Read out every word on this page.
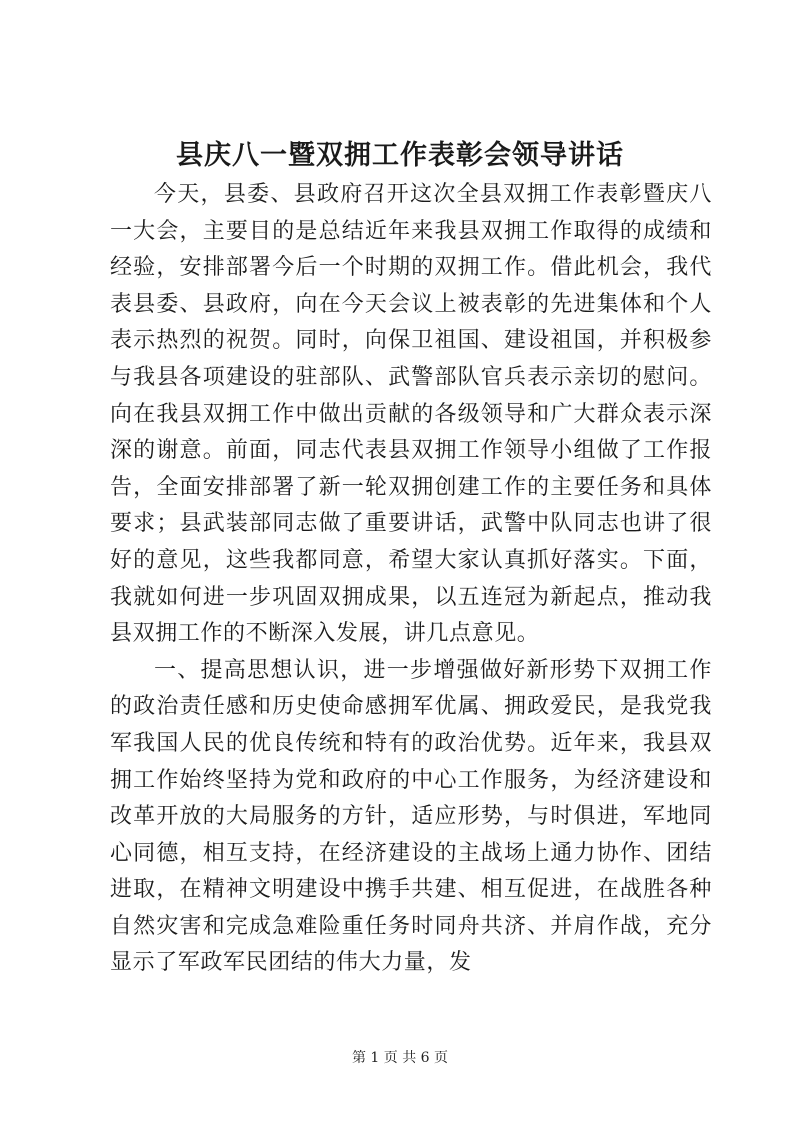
县庆八一暨双拥工作表彰会领导讲话

今天，县委、县政府召开这次全县双拥工作表彰暨庆八一大会，主要目的是总结近年来我县双拥工作取得的成绩和经验，安排部署今后一个时期的双拥工作。借此机会，我代表县委、县政府，向在今天会议上被表彰的先进集体和个人表示热烈的祝贺。同时，向保卫祖国、建设祖国，并积极参与我县各项建设的驻部队、武警部队官兵表示亲切的慰问。向在我县双拥工作中做出贡献的各级领导和广大群众表示深深的谢意。前面，同志代表县双拥工作领导小组做了工作报告，全面安排部署了新一轮双拥创建工作的主要任务和具体要求；县武装部同志做了重要讲话，武警中队同志也讲了很好的意见，这些我都同意，希望大家认真抓好落实。下面，我就如何进一步巩固双拥成果，以五连冠为新起点，推动我县双拥工作的不断深入发展，讲几点意见。

一、提高思想认识，进一步增强做好新形势下双拥工作的政治责任感和历史使命感拥军优属、拥政爱民，是我党我军我国人民的优良传统和特有的政治优势。近年来，我县双拥工作始终坚持为党和政府的中心工作服务，为经济建设和改革开放的大局服务的方针，适应形势，与时俱进，军地同心同德，相互支持，在经济建设的主战场上通力协作、团结进取，在精神文明建设中携手共建、相互促进，在战胜各种自然灾害和完成急难险重任务时同舟共济、并肩作战，充分显示了军政军民团结的伟大力量，发

第 1 页 共 6 页
